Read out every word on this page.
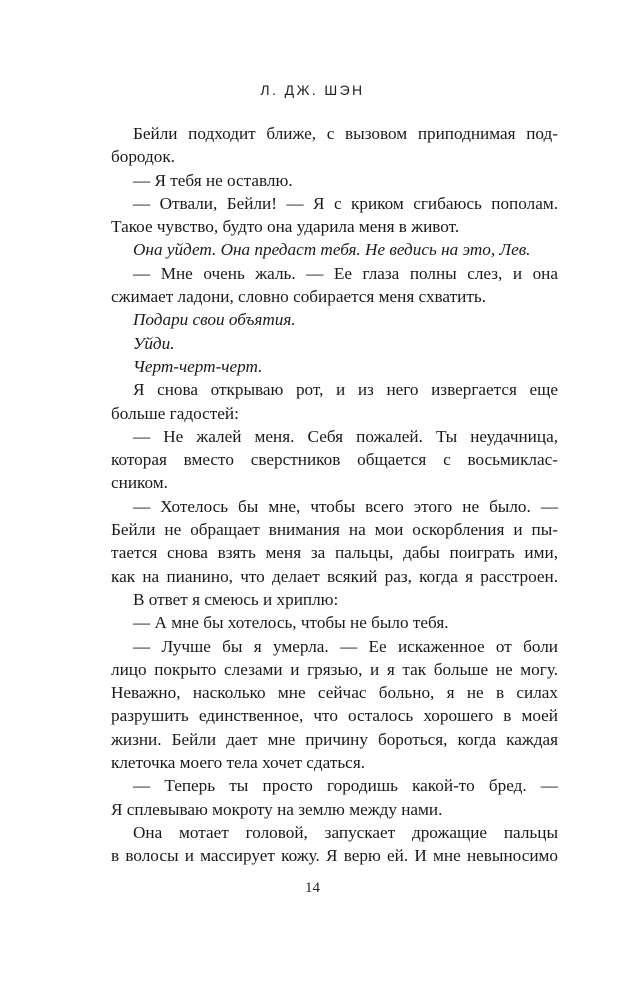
Л. ДЖ. ШЭН
Бейли подходит ближе, с вызовом приподнимая под-
бородок.
— Я тебя не оставлю.
— Отвали, Бейли! — Я с криком сгибаюсь пополам.
Такое чувство, будто она ударила меня в живот.
Она уйдет. Она предаст тебя. Не ведись на это, Лев.
— Мне очень жаль. — Ее глаза полны слез, и она
сжимает ладони, словно собирается меня схватить.
Подари свои объятия.
Уйди.
Черт-черт-черт.
Я снова открываю рот, и из него извергается еще
больше гадостей:
— Не жалей меня. Себя пожалей. Ты неудачница,
которая вместо сверстников общается с восьмиклас-
сником.
— Хотелось бы мне, чтобы всего этого не было. —
Бейли не обращает внимания на мои оскорбления и пы-
тается снова взять меня за пальцы, дабы поиграть ими,
как на пианино, что делает всякий раз, когда я расстроен.
В ответ я смеюсь и хриплю:
— А мне бы хотелось, чтобы не было тебя.
— Лучше бы я умерла. — Ее искаженное от боли
лицо покрыто слезами и грязью, и я так больше не могу.
Неважно, насколько мне сейчас больно, я не в силах
разрушить единственное, что осталось хорошего в моей
жизни. Бейли дает мне причину бороться, когда каждая
клеточка моего тела хочет сдаться.
— Теперь ты просто городишь какой-то бред. —
Я сплевываю мокроту на землю между нами.
Она мотает головой, запускает дрожащие пальцы
в волосы и массирует кожу. Я верю ей. И мне невыносимо
14
